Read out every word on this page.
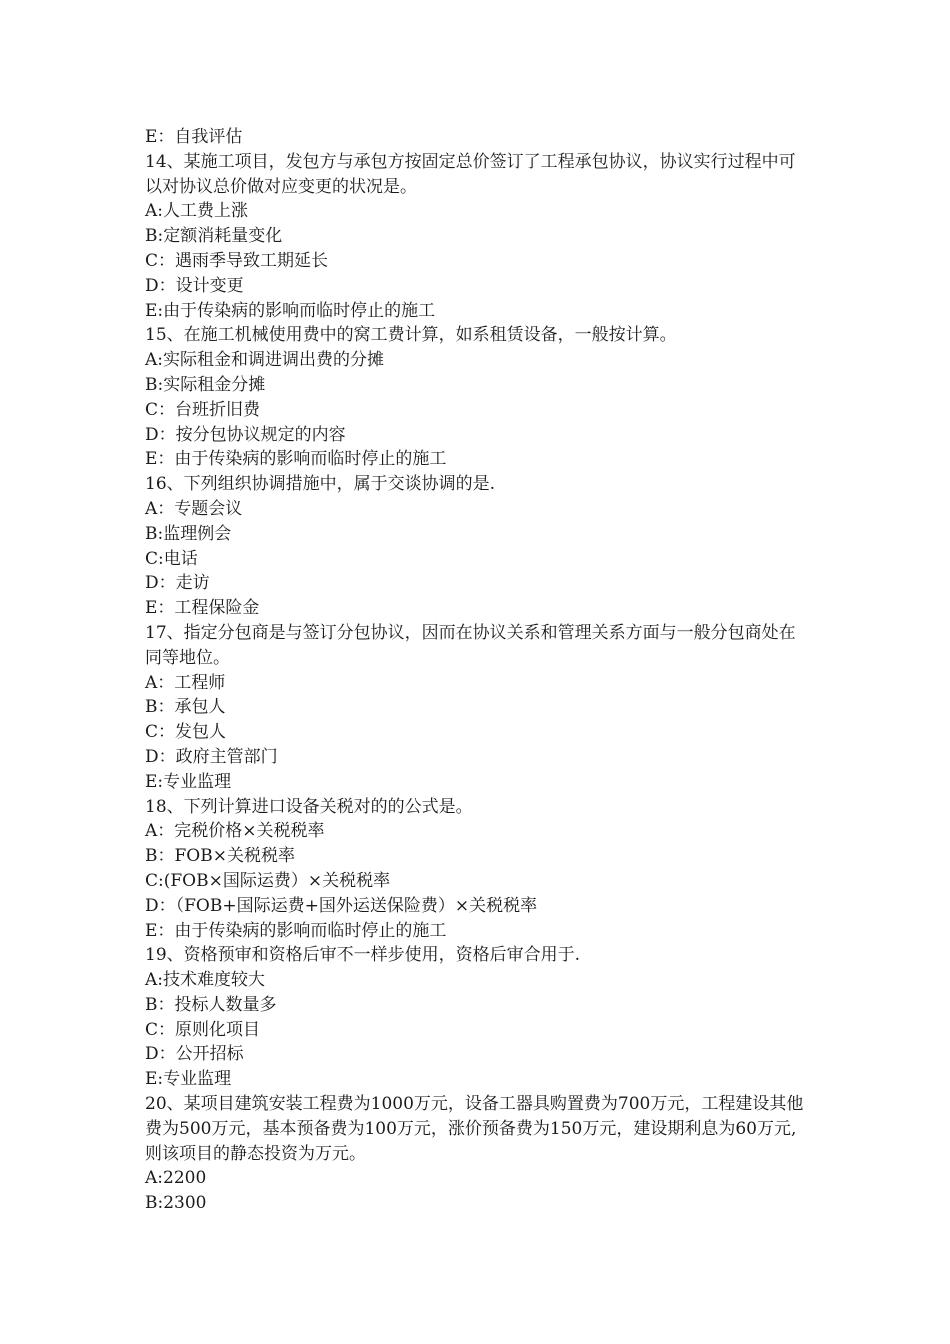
E：自我评估

14、某施工项目，发包方与承包方按固定总价签订了工程承包协议，协议实行过程中可以对协议总价做对应变更的状况是。

A:人工费上涨

B:定额消耗量变化

C：遇雨季导致工期延长

D：设计变更

E:由于传染病的影响而临时停止的施工

15、在施工机械使用费中的窝工费计算，如系租赁设备，一般按计算。

A:实际租金和调进调出费的分摊

B:实际租金分摊

C：台班折旧费

D：按分包协议规定的内容

E：由于传染病的影响而临时停止的施工

16、下列组织协调措施中，属于交谈协调的是.

A：专题会议

B:监理例会

C:电话

D：走访

E：工程保险金

17、指定分包商是与签订分包协议，因而在协议关系和管理关系方面与一般分包商处在同等地位。

A：工程师

B：承包人

C：发包人

D：政府主管部门

E:专业监理

18、下列计算进口设备关税对的的公式是。

A：完税价格×关税税率

B：FOB×关税税率

C:(FOB×国际运费）×关税税率

D：（FOB+国际运费+国外运送保险费）×关税税率

E：由于传染病的影响而临时停止的施工

19、资格预审和资格后审不一样步使用，资格后审合用于.

A:技术难度较大

B：投标人数量多

C：原则化项目

D：公开招标

E:专业监理

20、某项目建筑安装工程费为1000万元，设备工器具购置费为700万元，工程建设其他费为500万元，基本预备费为100万元，涨价预备费为150万元，建设期利息为60万元,则该项目的静态投资为万元。

A:2200

B:2300
